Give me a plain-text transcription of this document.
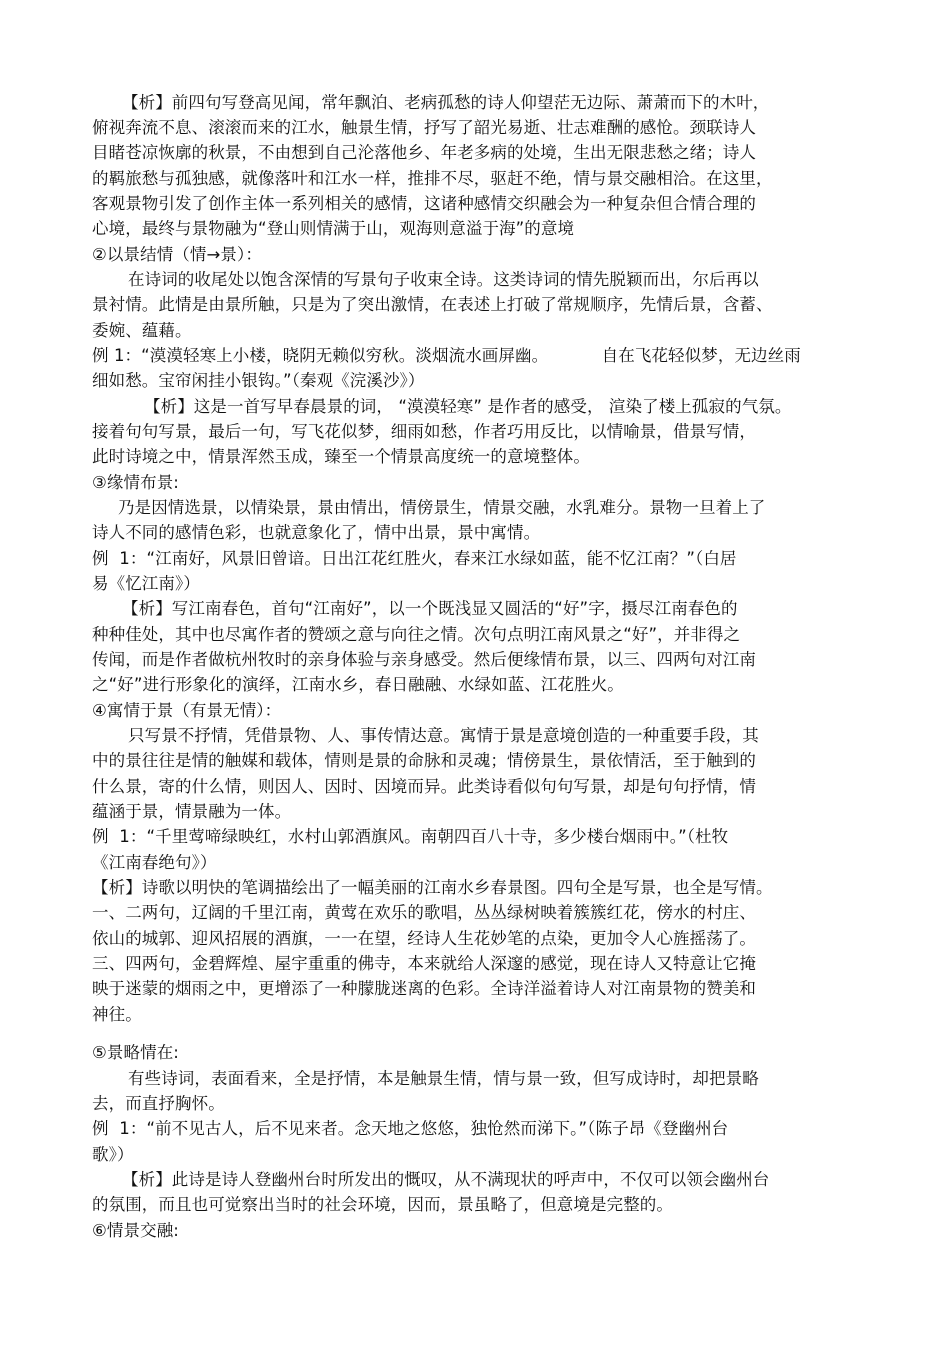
【析】前四句写登高见闻，常年飘泊、老病孤愁的诗人仰望茫无边际、萧萧而下的木叶，
俯视奔流不息、滚滚而来的江水，触景生情，抒写了韶光易逝、壮志难酬的感怆。颈联诗人
目睹苍凉恢廓的秋景，不由想到自己沦落他乡、年老多病的处境，生出无限悲愁之绪；诗人
的羁旅愁与孤独感，就像落叶和江水一样，推排不尽，驱赶不绝，情与景交融相洽。在这里，
客观景物引发了创作主体一系列相关的感情，这诸种感情交织融会为一种复杂但合情合理的
心境，最终与景物融为“登山则情满于山，观海则意溢于海”的意境
②以景结情（情→景）：
在诗词的收尾处以饱含深情的写景句子收束全诗。这类诗词的情先脱颖而出，尔后再以
景衬情。此情是由景所触，只是为了突出激情，在表述上打破了常规顺序，先情后景，含蓄、
委婉、蕴藉。
例 1：“漠漠轻寒上小楼，晓阴无赖似穷秋。淡烟流水画屏幽。          自在飞花轻似梦，无边丝雨
细如愁。宝帘闲挂小银钩。”（秦观《浣溪沙》）
【析】这是一首写早春晨景的词， “漠漠轻寒” 是作者的感受， 渲染了楼上孤寂的气氛。
接着句句写景，最后一句，写飞花似梦，细雨如愁，作者巧用反比，以情喻景，借景写情，
此时诗境之中，情景浑然玉成，臻至一个情景高度统一的意境整体。
③缘情布景:
乃是因情选景，以情染景，景由情出，情傍景生，情景交融，水乳难分。景物一旦着上了
诗人不同的感情色彩，也就意象化了，情中出景，景中寓情。
例  1：“江南好，风景旧曾谙。日出江花红胜火，春来江水绿如蓝，能不忆江南？”（白居
易《忆江南》）
【析】写江南春色，首句“江南好”，以一个既浅显又圆活的“好”字，摄尽江南春色的
种种佳处，其中也尽寓作者的赞颂之意与向往之情。次句点明江南风景之“好”，并非得之
传闻，而是作者做杭州牧时的亲身体验与亲身感受。然后便缘情布景，以三、四两句对江南
之“好”进行形象化的演绎，江南水乡，春日融融、水绿如蓝、江花胜火。
④寓情于景（有景无情）：
只写景不抒情，凭借景物、人、事传情达意。寓情于景是意境创造的一种重要手段，其
中的景往往是情的触媒和载体，情则是景的命脉和灵魂；情傍景生，景依情活，至于触到的
什么景，寄的什么情，则因人、因时、因境而异。此类诗看似句句写景，却是句句抒情，情
蕴涵于景，情景融为一体。
例  1：“千里莺啼绿映红，水村山郭酒旗风。南朝四百八十寺，多少楼台烟雨中。”（杜牧
《江南春绝句》）
【析】诗歌以明快的笔调描绘出了一幅美丽的江南水乡春景图。四句全是写景，也全是写情。
一、二两句，辽阔的千里江南，黄莺在欢乐的歌唱，丛丛绿树映着簇簇红花，傍水的村庄、
依山的城郭、迎风招展的酒旗，一一在望，经诗人生花妙笔的点染，更加令人心旌摇荡了。
三、四两句，金碧辉煌、屋宇重重的佛寺，本来就给人深邃的感觉，现在诗人又特意让它掩
映于迷蒙的烟雨之中，更增添了一种朦胧迷离的色彩。全诗洋溢着诗人对江南景物的赞美和
神往。
⑤景略情在:
有些诗词，表面看来，全是抒情，本是触景生情，情与景一致，但写成诗时，却把景略
去，而直抒胸怀。
例  1：“前不见古人，后不见来者。念天地之悠悠，独怆然而涕下。”（陈子昂《登幽州台
歌》）
【析】此诗是诗人登幽州台时所发出的慨叹，从不满现状的呼声中，不仅可以领会幽州台
的氛围，而且也可觉察出当时的社会环境，因而，景虽略了，但意境是完整的。
⑥情景交融:
